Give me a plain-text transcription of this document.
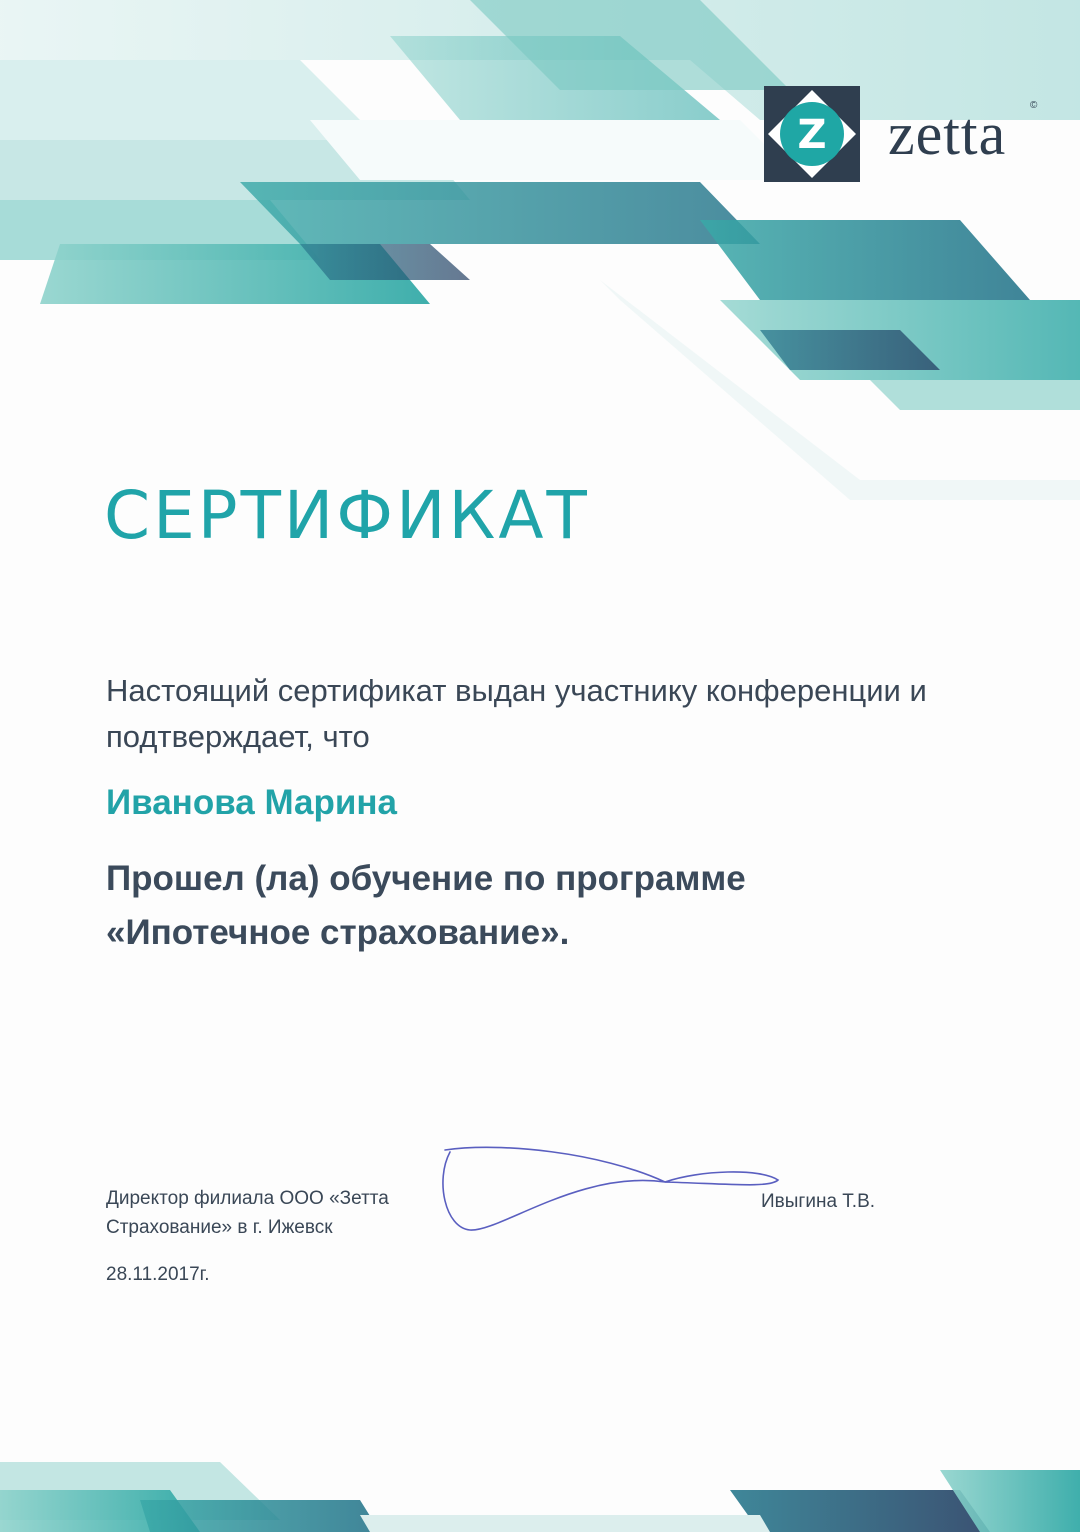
Z zetta ©
СЕРТИФИКАТ
Настоящий сертификат выдан участнику конференции и подтверждает, что
Иванова Марина
Прошел (ла) обучение по программе
«Ипотечное страхование».
Директор филиала ООО «Зетта
Страхование» в г. Ижевск
Ивыгина Т.В.
28.11.2017г.
